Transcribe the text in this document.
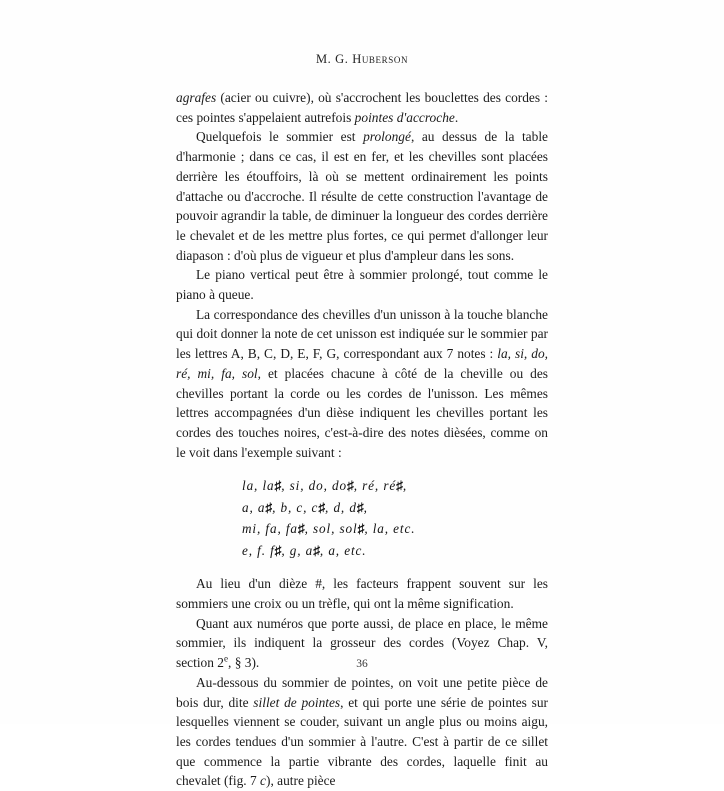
M. G. Huberson

agrafes (acier ou cuivre), où s'accrochent les bouclettes des cordes : ces pointes s'appelaient autrefois pointes d'accroche.

Quelquefois le sommier est prolongé, au dessus de la table d'harmonie ; dans ce cas, il est en fer, et les chevilles sont placées derrière les étouffoirs, là où se mettent ordinairement les points d'attache ou d'accroche. Il résulte de cette construction l'avantage de pouvoir agrandir la table, de diminuer la longueur des cordes derrière le chevalet et de les mettre plus fortes, ce qui permet d'allonger leur diapason : d'où plus de vigueur et plus d'ampleur dans les sons.

Le piano vertical peut être à sommier prolongé, tout comme le piano à queue.

La correspondance des chevilles d'un unisson à la touche blanche qui doit donner la note de cet unisson est indiquée sur le sommier par les lettres A, B, C, D, E, F, G, correspondant aux 7 notes : la, si, do, ré, mi, fa, sol, et placées chacune à côté de la cheville ou des chevilles portant la corde ou les cordes de l'unisson. Les mêmes lettres accompagnées d'un dièse indiquent les chevilles portant les cordes des touches noires, c'est-à-dire des notes dièsées, comme on le voit dans l'exemple suivant :

la, la♯, si, do, do♯, ré, ré♯,
a, a♯, b, c, c♯, d, d♯,
mi, fa, fa♯, sol, sol♯, la, etc.
e, f. f♯, g, a♯, a, etc.

Au lieu d'un dièze #, les facteurs frappent souvent sur les sommiers une croix ou un trèfle, qui ont la même signification.

Quant aux numéros que porte aussi, de place en place, le même sommier, ils indiquent la grosseur des cordes (Voyez Chap. V, section 2e, § 3).

Au-dessous du sommier de pointes, on voit une petite pièce de bois dur, dite sillet de pointes, et qui porte une série de pointes sur lesquelles viennent se couder, suivant un angle plus ou moins aigu, les cordes tendues d'un sommier à l'autre. C'est à partir de ce sillet que commence la partie vibrante des cordes, laquelle finit au chevalet (fig. 7 c), autre pièce

36
